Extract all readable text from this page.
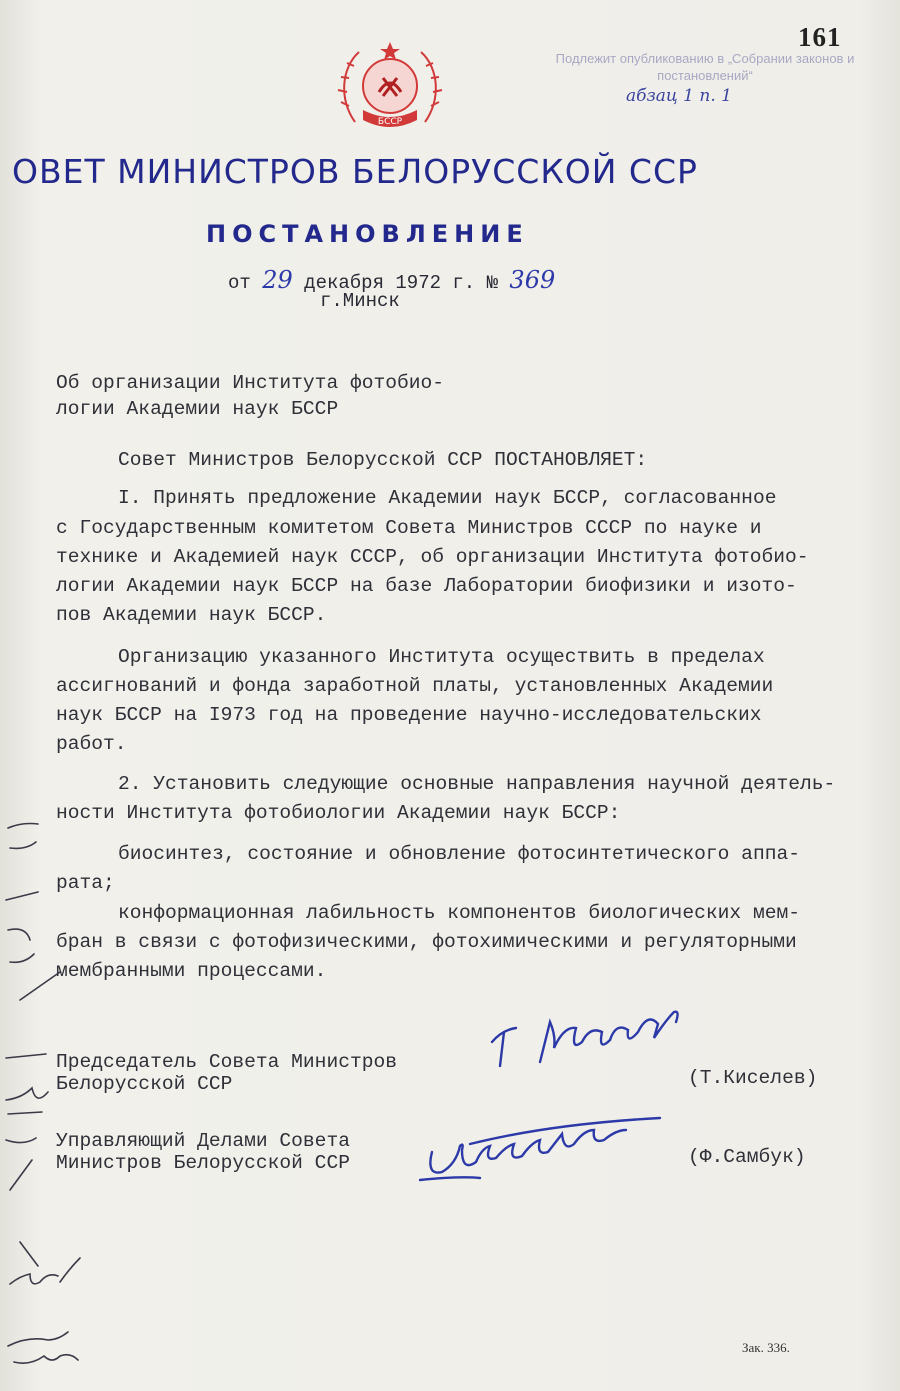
161
Подлежит опубликованию в „Собрании законов и постановлений“
абзац 1 п. 1
БССР
ОВЕТ МИНИСТРОВ БЕЛОРУССКОЙ ССР
ПОСТАНОВЛЕНИЕ
от 29 декабря 1972 г. № 369
г.Минск
Об организации Института фотобио-
логии Академии наук БССР
Совет Министров Белорусской ССР ПОСТАНОВЛЯЕТ:
I. Принять предложение Академии наук БССР, согласованное
с Государственным комитетом Совета Министров СССР по науке и
технике и Академией наук СССР, об организации Института фотобио-
логии Академии наук БССР на базе Лаборатории биофизики и изото-
пов Академии наук БССР.
Организацию указанного Института осуществить в пределах
ассигнований и фонда заработной платы, установленных Академии
наук БССР на I973 год на проведение научно-исследовательских
работ.
2. Установить следующие основные направления научной деятель-
ности Института фотобиологии Академии наук БССР:
биосинтез, состояние и обновление фотосинтетического аппа-
рата;
конформационная лабильность компонентов биологических мем-
бран в связи с фотофизическими, фотохимическими и регуляторными
мембранными процессами.
Председатель Совета Министров
Белорусской ССР	(Т.Киселев)
Управляющий Делами Совета
Министров Белорусской ССР	(Ф.Самбук)
Зак. 336.
